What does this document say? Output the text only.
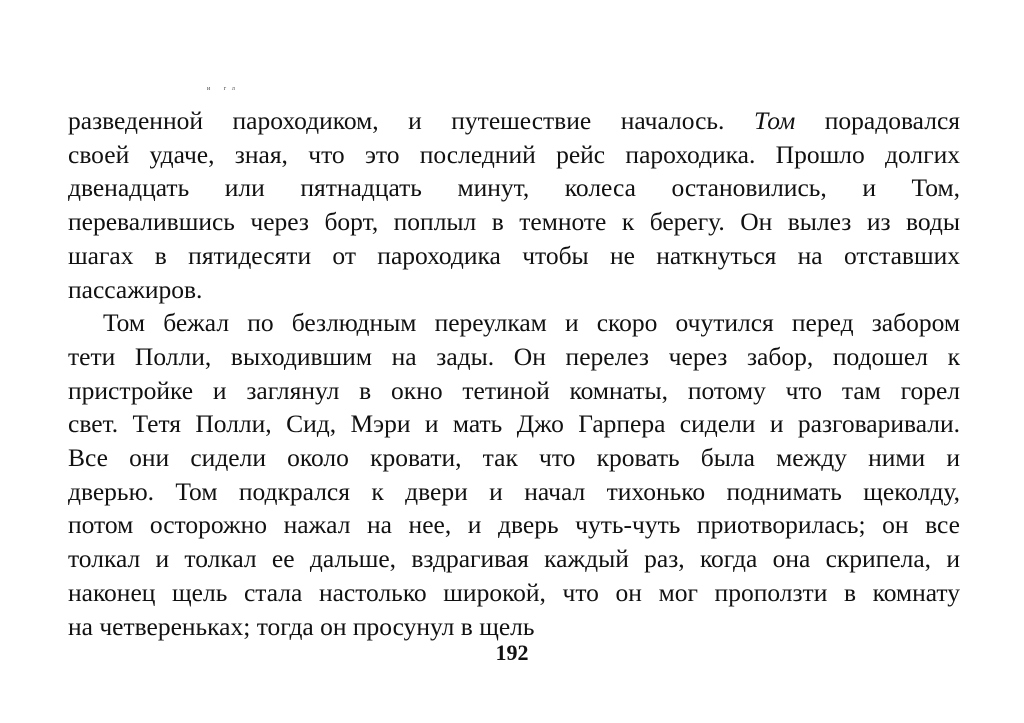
и гл
разведенной пароходиком, и путешествие началось. Том порадовался
своей удаче, зная, что это последний рейс пароходика. Прошло долгих
двенадцать или пятнадцать минут, колеса остановились, и Том,
перевалившись через борт, поплыл в темноте к берегу. Он вылез из воды
шагах в пятидесяти от пароходика чтобы не наткнуться на отставших
пассажиров.
Том бежал по безлюдным переулкам и скоро очутился перед забором
тети Полли, выходившим на зады. Он перелез через забор, подошел к
пристройке и заглянул в окно тетиной комнаты, потому что там горел
свет. Тетя Полли, Сид, Мэри и мать Джо Гарпера сидели и разговаривали.
Все они сидели около кровати, так что кровать была между ними и
дверью. Том подкрался к двери и начал тихонько поднимать щеколду,
потом осторожно нажал на нее, и дверь чуть-чуть приотворилась; он все
толкал и толкал ее дальше, вздрагивая каждый раз, когда она скрипела, и
наконец щель стала настолько широкой, что он мог проползти в комнату
на четвереньках; тогда он просунул в щель
192
